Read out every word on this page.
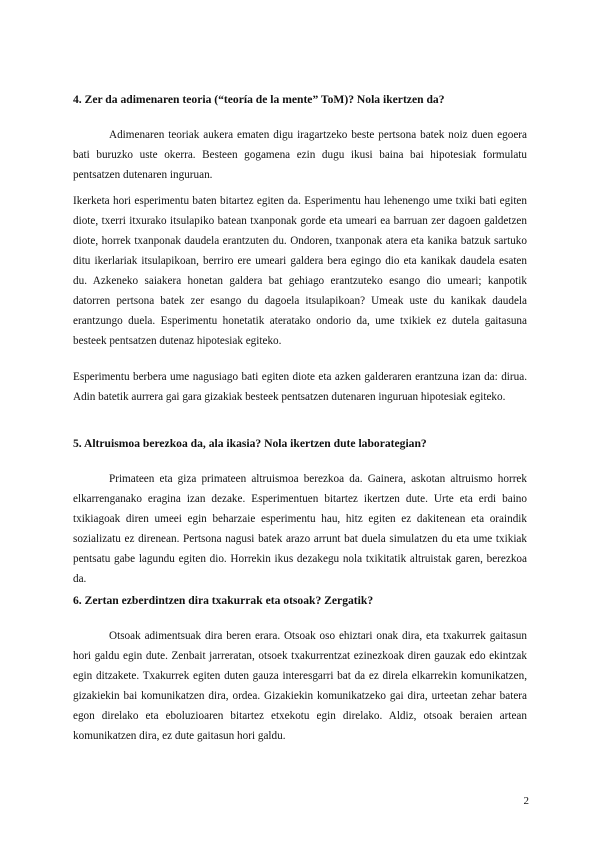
4. Zer da adimenaren teoria (“teoría de la mente” ToM)? Nola ikertzen da?
Adimenaren teoriak aukera ematen digu iragartzeko beste pertsona batek noiz duen egoera bati buruzko uste okerra. Besteen gogamena ezin dugu ikusi baina bai hipotesiak formulatu pentsatzen dutenaren inguruan.
Ikerketa hori esperimentu baten bitartez egiten da. Esperimentu hau lehenengo ume txiki bati egiten diote, txerri itxurako itsulapiko batean txanponak gorde eta umeari ea barruan zer dagoen galdetzen diote, horrek txanponak daudela erantzuten du. Ondoren, txanponak atera eta kanika batzuk sartuko ditu ikerlariak itsulapikoan, berriro ere umeari galdera bera egingo dio eta kanikak daudela esaten du. Azkeneko saiakera honetan galdera bat gehiago erantzuteko esango dio umeari; kanpotik datorren pertsona batek zer esango du dagoela itsulapikoan? Umeak uste du kanikak daudela erantzungo duela. Esperimentu honetatik ateratako ondorio da, ume txikiek ez dutela gaitasuna besteek pentsatzen dutenaz hipotesiak egiteko.
Esperimentu berbera ume nagusiago bati egiten diote eta azken galderaren erantzuna izan da: dirua. Adin batetik aurrera gai gara gizakiak besteek pentsatzen dutenaren inguruan hipotesiak egiteko.
5. Altruismoa berezkoa da, ala ikasia? Nola ikertzen dute laborategian?
Primateen eta giza primateen altruismoa berezkoa da. Gainera, askotan altruismo horrek elkarrenganako eragina izan dezake. Esperimentuen bitartez ikertzen dute. Urte eta erdi baino txikiagoak diren umeei egin beharzaie esperimentu hau, hitz egiten ez dakitenean eta oraindik sozializatu ez direnean. Pertsona nagusi batek arazo arrunt bat duela simulatzen du eta ume txikiak pentsatu gabe lagundu egiten dio. Horrekin ikus dezakegu nola txikitatik altruistak garen, berezkoa da.
6. Zertan ezberdintzen dira txakurrak eta otsoak? Zergatik?
Otsoak adimentsuak dira beren erara. Otsoak oso ehiztari onak dira, eta txakurrek gaitasun hori galdu egin dute. Zenbait jarreratan, otsoek txakurrentzat ezinezkoak diren gauzak edo ekintzak egin ditzakete. Txakurrek egiten duten gauza interesgarri bat da ez direla elkarrekin komunikatzen, gizakiekin bai komunikatzen dira, ordea. Gizakiekin komunikatzeko gai dira, urteetan zehar batera egon direlako eta eboluzioaren bitartez etxekotu egin direlako. Aldiz, otsoak beraien artean komunikatzen dira, ez dute gaitasun hori galdu.
2
